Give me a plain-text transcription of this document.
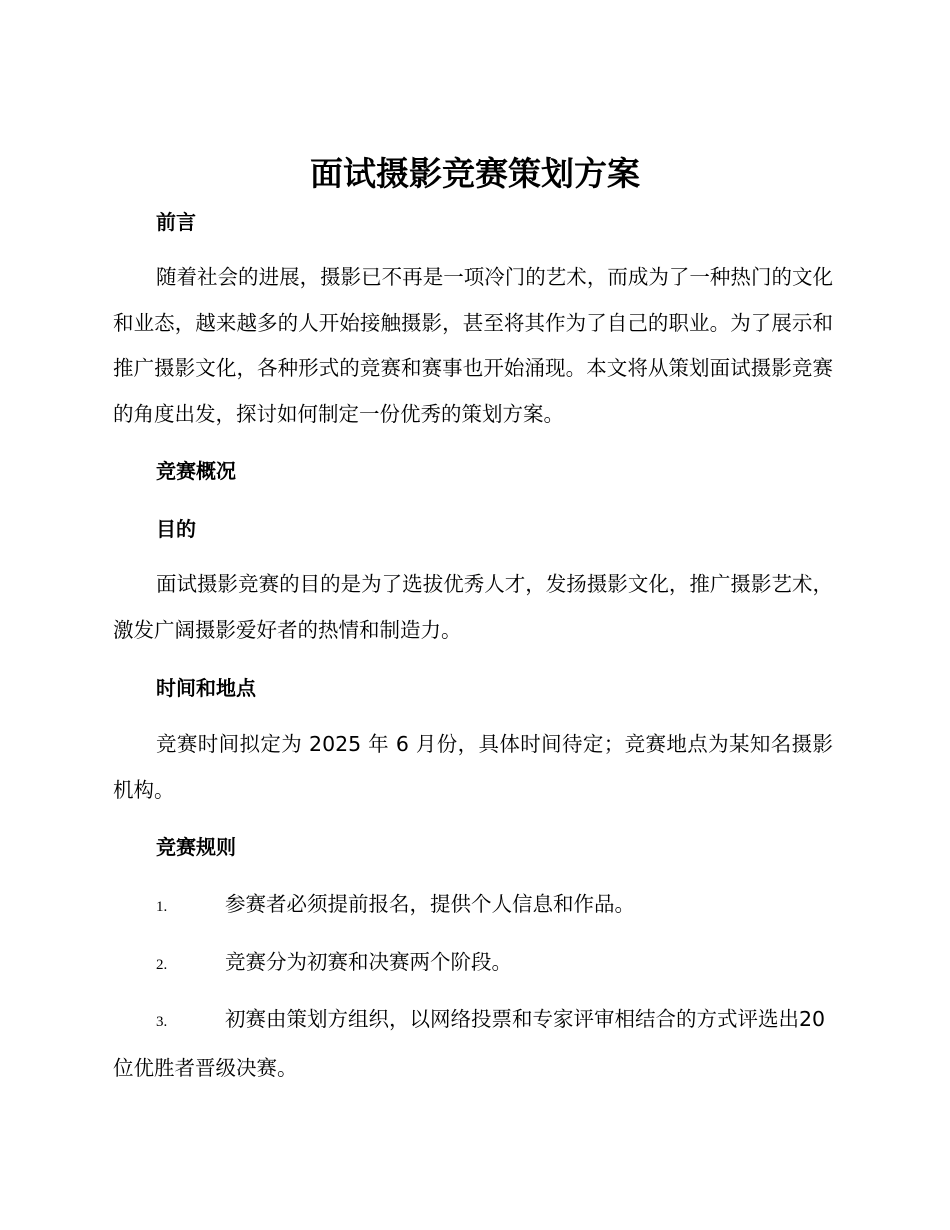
面试摄影竞赛策划方案
前言

随着社会的进展，摄影已不再是一项冷门的艺术，而成为了一种热门的文化和业态，越来越多的人开始接触摄影，甚至将其作为了自己的职业。为了展示和推广摄影文化，各种形式的竞赛和赛事也开始涌现。本文将从策划面试摄影竞赛的角度出发，探讨如何制定一份优秀的策划方案。

竞赛概况
目的

面试摄影竞赛的目的是为了选拔优秀人才，发扬摄影文化，推广摄影艺术，激发广阔摄影爱好者的热情和制造力。

时间和地点

竞赛时间拟定为 2025 年 6 月份，具体时间待定；竞赛地点为某知名摄影机构。

竞赛规则
1.	参赛者必须提前报名，提供个人信息和作品。
2.	竞赛分为初赛和决赛两个阶段。
3.	初赛由策划方组织，以网络投票和专家评审相结合的方式评选出20 位优胜者晋级决赛。
